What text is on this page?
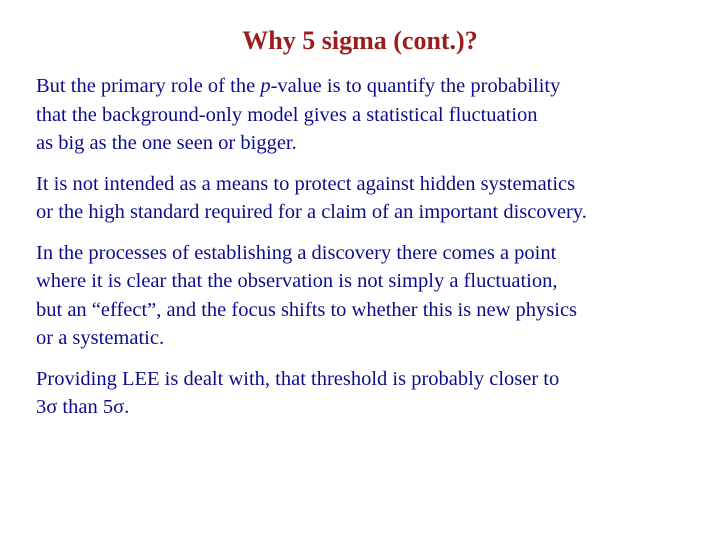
Why 5 sigma (cont.)?

But the primary role of the p-value is to quantify the probability
that the background-only model gives a statistical fluctuation
as big as the one seen or bigger.

It is not intended as a means to protect against hidden systematics
or the high standard required for a claim of an important discovery.

In the processes of establishing a discovery there comes a point
where it is clear that the observation is not simply a fluctuation,
but an “effect”, and the focus shifts to whether this is new physics
or a systematic.

Providing LEE is dealt with, that threshold is probably closer to
3σ than 5σ.
